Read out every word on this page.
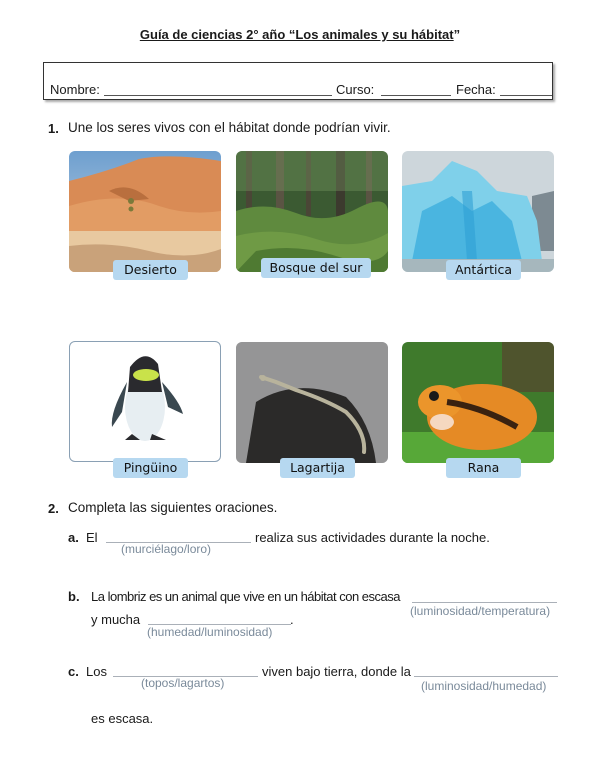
Guía de ciencias 2° año “Los animales y su hábitat”
Nombre:	Curso:	Fecha:
1. Une los seres vivos con el hábitat donde podrían vivir.
Desierto	Bosque del sur	Antártica
Pingüino	Lagartija	Rana
2. Completa las siguientes oraciones.
a. El
(murciélago/loro)
realiza sus actividades durante la noche.
b. La lombriz es un animal que vive en un hábitat con escasa
(luminosidad/temperatura)
y mucha
(humedad/luminosidad)
.
c. Los
(topos/lagartos)
viven bajo tierra, donde la
(luminosidad/humedad)
es escasa.
